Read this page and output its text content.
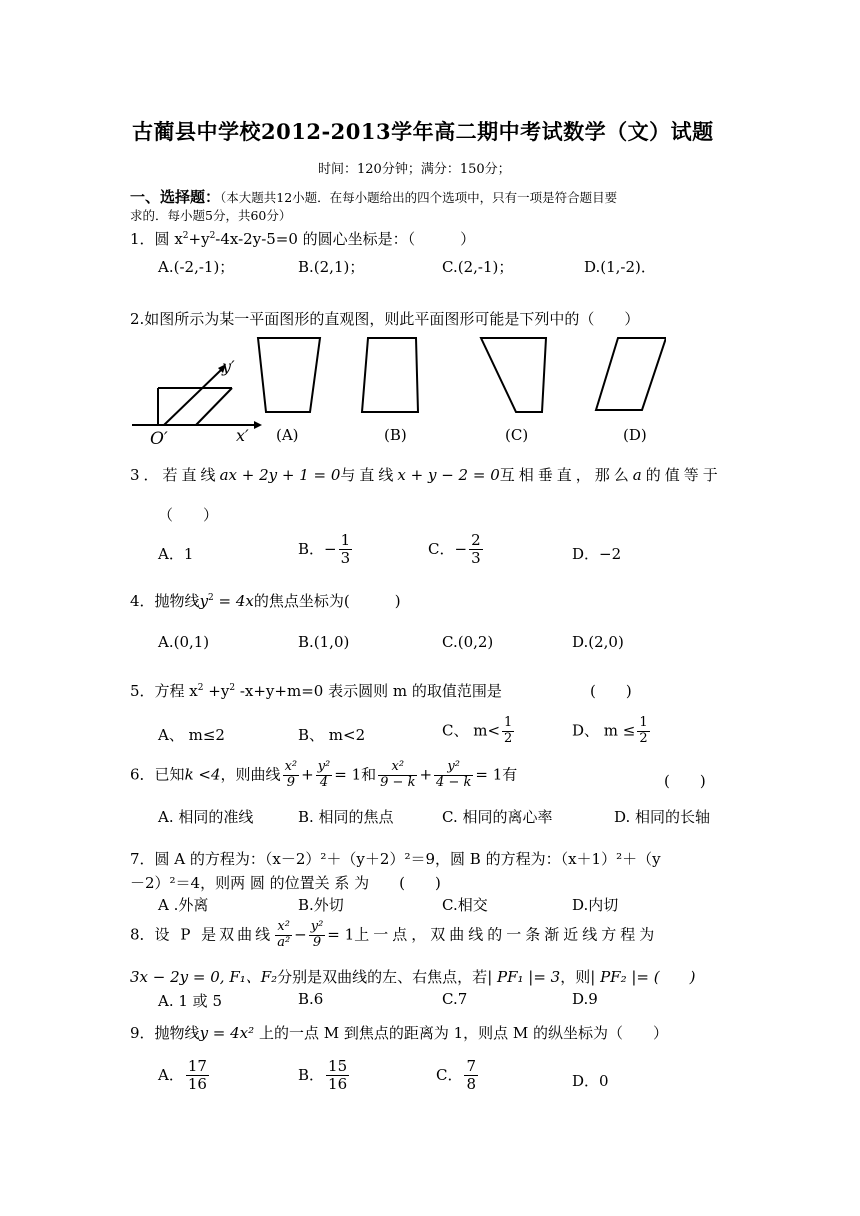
古蔺县中学校2012-2013学年高二期中考试数学（文）试题
时间：120分钟；满分：150分；
一、选择题：（本大题共12小题．在每小题给出的四个选项中，只有一项是符合题目要
求的．每小题5分，共60分）
1．圆 $x^2+y^2-4x-2y-5=0$ 的圆心坐标是：（　　　）
A.(-2,-1)；	B.(2,1)；	C.(2,-1)；	D.(1,-2)．
2.如图所示为某一平面图形的直观图，则此平面图形可能是下列中的（　　）
y′
x′
O′	(A)	(B)	(C)	(D)
3．若直线ax + 2y + 1 = 0与直线x + y − 2 = 0互相垂直，那么a的值等于
（　　）
A．1	B．− $\frac{1}{3}$	C．− $\frac{2}{3}$	D．−2
4．抛物线$y^2 = 4x$的焦点坐标为(　　　)
A.(0,1)	B.(1,0)	C.(0,2)	D.(2,0)
5．方程 $x^2 +y^2$ -x+y+m=0 表示圆则 m 的取值范围是	(　　)
A、 m≤2	B、 m<2	C、 $m< \frac{1}{2}$	D、 $m \le \frac{1}{2}$
6．已知k <4，则曲线 $\frac{\text{x²}}{9} + \frac{\text{y²}}{4} = 1$和 $\frac{\text{x²}}{9 - k} + \frac{\text{y²}}{4 - k} = 1$有	(　　)
A. 相同的准线	B. 相同的焦点	C. 相同的离心率	D. 相同的长轴
7．圆 A 的方程为：（x－2）²＋（y＋2）²＝9，圆 B 的方程为：（x＋1）²＋（y
－2）²＝4，则两 圆 的位置关 系 为　　(　　)
A .外离	B.外切	C.相交	D.内切
8．设 P 是双曲线 $\frac{\text{x²}}{\text{a²}} - \frac{\text{y²}}{9} = 1$上一点，双曲线的一条渐近线方程为
3x − 2y = 0, F₁、F₂分别是双曲线的左、右焦点，若| PF₁ |= 3，则| PF₂ |= (　　)
A. 1 或 5	B.6	C.7	D.9
9．抛物线y = 4x² 上的一点 M 到焦点的距离为 1，则点 M 的纵坐标为（　　）
A． $\frac{17}{16}$	B． $\frac{15}{16}$	C． $\frac{7}{8}$	D．0
